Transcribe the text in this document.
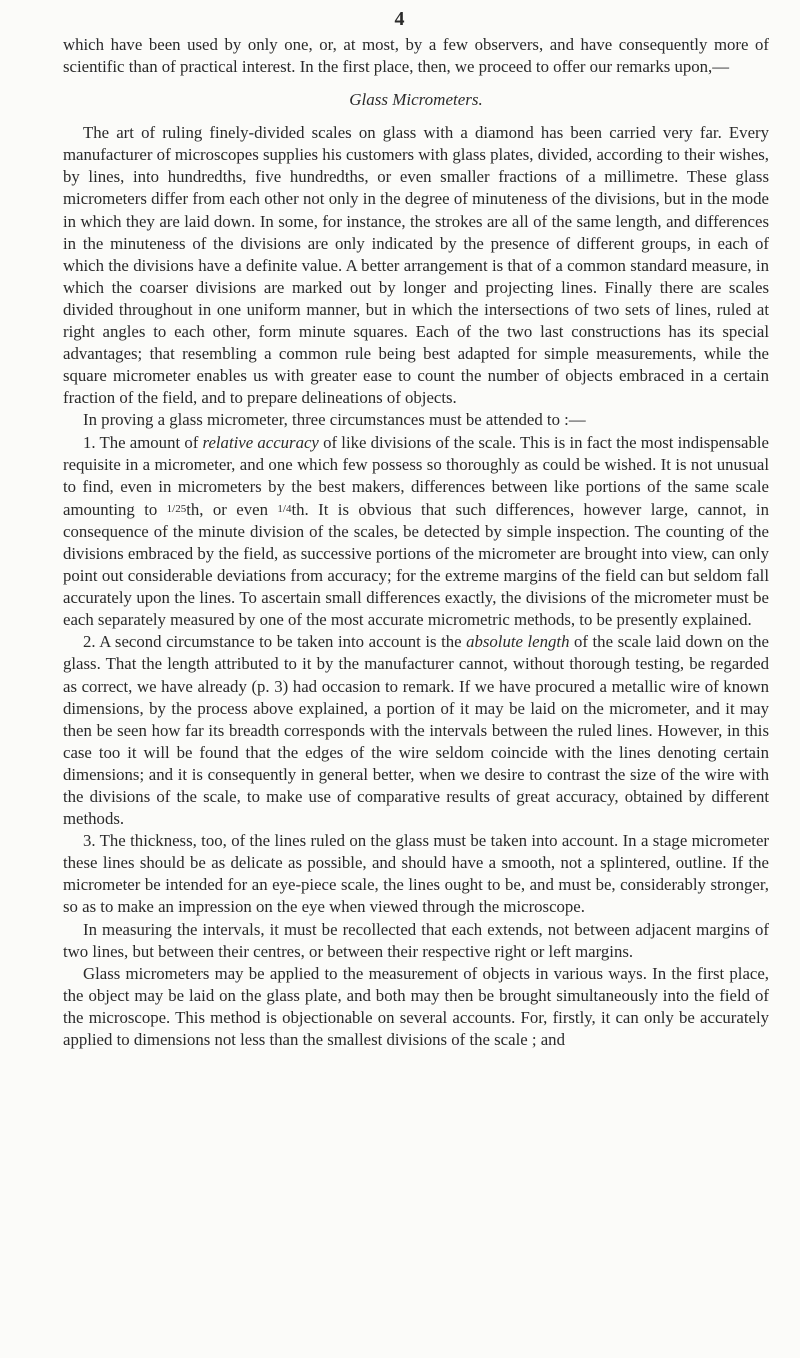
4

which have been used by only one, or, at most, by a few observers, and have consequently more of scientific than of practical interest. In the first place, then, we proceed to offer our remarks upon,—

Glass Micrometers.

The art of ruling finely-divided scales on glass with a diamond has been carried very far. Every manufacturer of microscopes supplies his customers with glass plates, divided, according to their wishes, by lines, into hundredths, five hundredths, or even smaller fractions of a millimetre. These glass micrometers differ from each other not only in the degree of minuteness of the divisions, but in the mode in which they are laid down. In some, for instance, the strokes are all of the same length, and differences in the minuteness of the divisions are only indicated by the presence of different groups, in each of which the divisions have a definite value. A better arrangement is that of a common standard measure, in which the coarser divisions are marked out by longer and projecting lines. Finally there are scales divided throughout in one uniform manner, but in which the intersections of two sets of lines, ruled at right angles to each other, form minute squares. Each of the two last constructions has its special advantages; that resembling a common rule being best adapted for simple measurements, while the square micrometer enables us with greater ease to count the number of objects embraced in a certain fraction of the field, and to prepare delineations of objects.

In proving a glass micrometer, three circumstances must be attended to :—

1. The amount of relative accuracy of like divisions of the scale. This is in fact the most indispensable requisite in a micrometer, and one which few possess so thoroughly as could be wished. It is not unusual to find, even in micrometers by the best makers, differences between like portions of the same scale amounting to 1/25th, or even 1/4th. It is obvious that such differences, however large, cannot, in consequence of the minute division of the scales, be detected by simple inspection. The counting of the divisions embraced by the field, as successive portions of the micrometer are brought into view, can only point out considerable deviations from accuracy; for the extreme margins of the field can but seldom fall accurately upon the lines. To ascertain small differences exactly, the divisions of the micrometer must be each separately measured by one of the most accurate micrometric methods, to be presently explained.

2. A second circumstance to be taken into account is the absolute length of the scale laid down on the glass. That the length attributed to it by the manufacturer cannot, without thorough testing, be regarded as correct, we have already (p. 3) had occasion to remark. If we have procured a metallic wire of known dimensions, by the process above explained, a portion of it may be laid on the micrometer, and it may then be seen how far its breadth corresponds with the intervals between the ruled lines. However, in this case too it will be found that the edges of the wire seldom coincide with the lines denoting certain dimensions; and it is consequently in general better, when we desire to contrast the size of the wire with the divisions of the scale, to make use of comparative results of great accuracy, obtained by different methods.

3. The thickness, too, of the lines ruled on the glass must be taken into account. In a stage micrometer these lines should be as delicate as possible, and should have a smooth, not a splintered, outline. If the micrometer be intended for an eye-piece scale, the lines ought to be, and must be, considerably stronger, so as to make an impression on the eye when viewed through the microscope.

In measuring the intervals, it must be recollected that each extends, not between adjacent margins of two lines, but between their centres, or between their respective right or left margins.

Glass micrometers may be applied to the measurement of objects in various ways. In the first place, the object may be laid on the glass plate, and both may then be brought simultaneously into the field of the microscope. This method is objectionable on several accounts. For, firstly, it can only be accurately applied to dimensions not less than the smallest divisions of the scale ; and
